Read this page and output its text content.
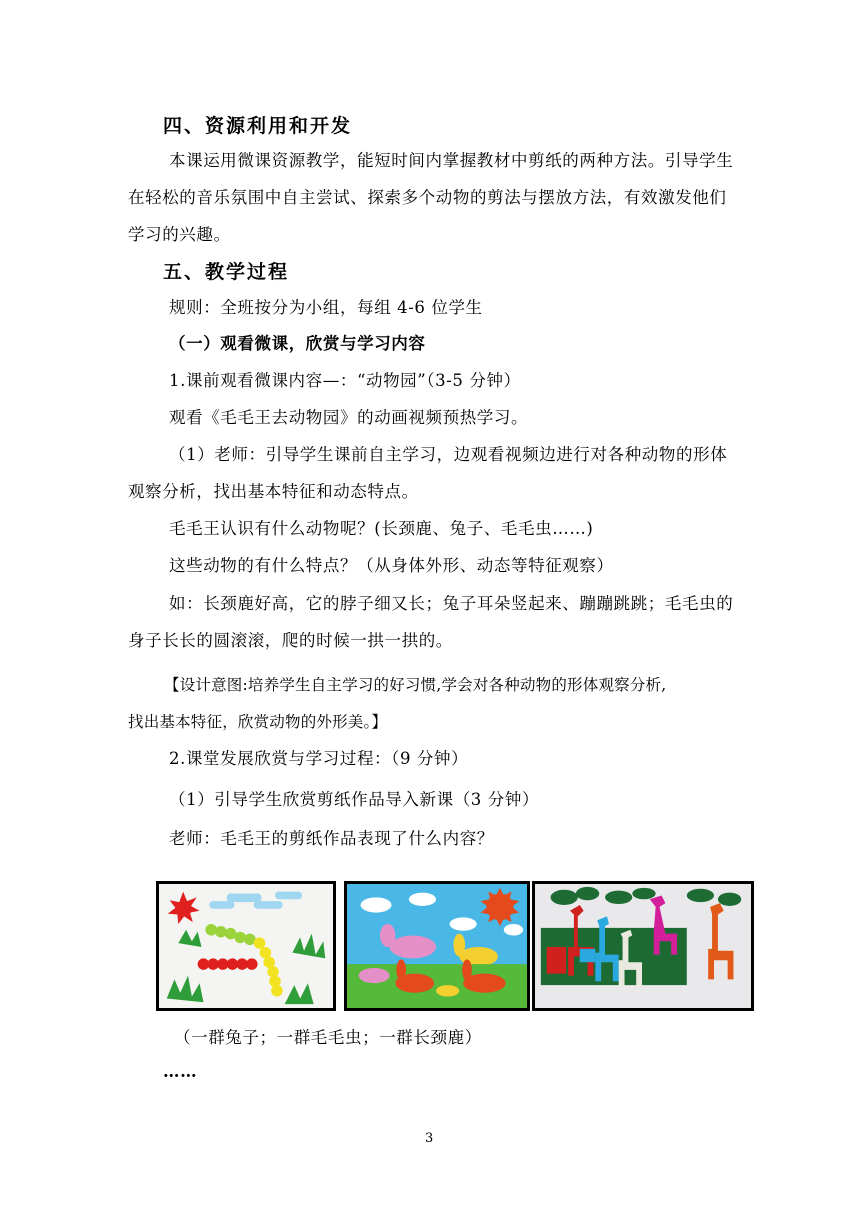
四、资源利用和开发
本课运用微课资源教学，能短时间内掌握教材中剪纸的两种方法。引导学生
在轻松的音乐氛围中自主尝试、探索多个动物的剪法与摆放方法，有效激发他们
学习的兴趣。
五、教学过程
规则：全班按分为小组，每组 4-6 位学生
（一）观看微课，欣赏与学习内容
1.课前观看微课内容—：“动物园”（3-5 分钟）
观看《毛毛王去动物园》的动画视频预热学习。
（1）老师：引导学生课前自主学习，边观看视频边进行对各种动物的形体
观察分析，找出基本特征和动态特点。
毛毛王认识有什么动物呢？(长颈鹿、兔子、毛毛虫……)
这些动物的有什么特点？（从身体外形、动态等特征观察）
如：长颈鹿好高，它的脖子细又长；兔子耳朵竖起来、蹦蹦跳跳；毛毛虫的
身子长长的圆滚滚，爬的时候一拱一拱的。
【设计意图:培养学生自主学习的好习惯,学会对各种动物的形体观察分析,
找出基本特征，欣赏动物的外形美。】
2.课堂发展欣赏与学习过程：（9 分钟）
（1）引导学生欣赏剪纸作品导入新课（3 分钟）
老师：毛毛王的剪纸作品表现了什么内容？
（一群兔子；一群毛毛虫；一群长颈鹿）
……
3
